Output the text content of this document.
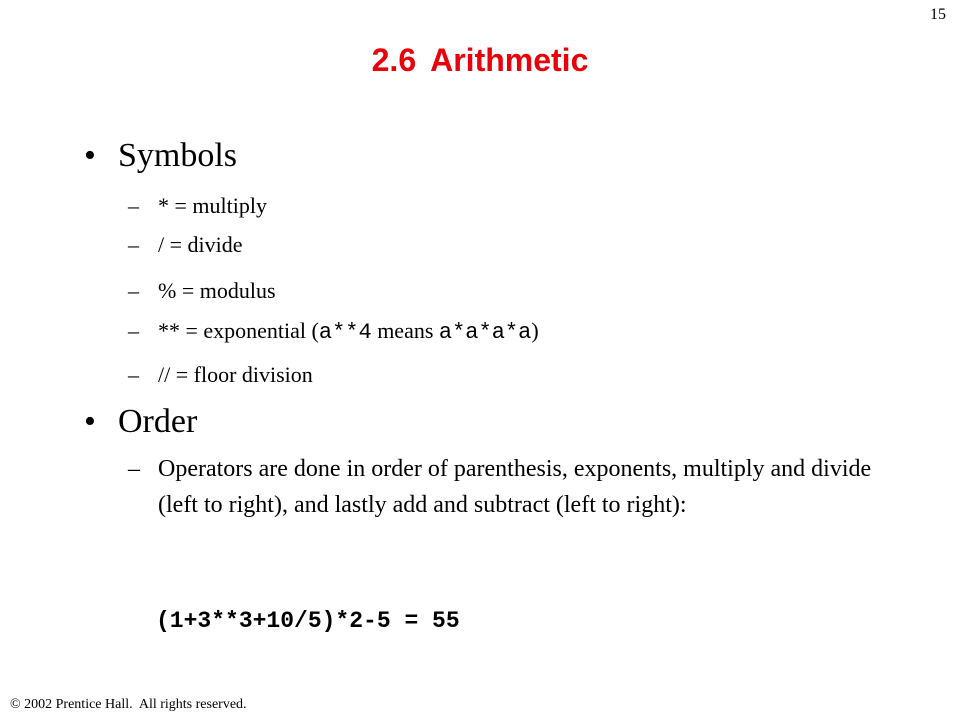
15
2.6 Arithmetic
• Symbols
– * = multiply
– / = divide
– % = modulus
– ** = exponential (a**4 means a*a*a*a)
– // = floor division
• Order
– Operators are done in order of parenthesis, exponents, multiply and divide (left to right), and lastly add and subtract (left to right):
(1+3**3+10/5)*2-5 = 55
© 2002 Prentice Hall.  All rights reserved.
